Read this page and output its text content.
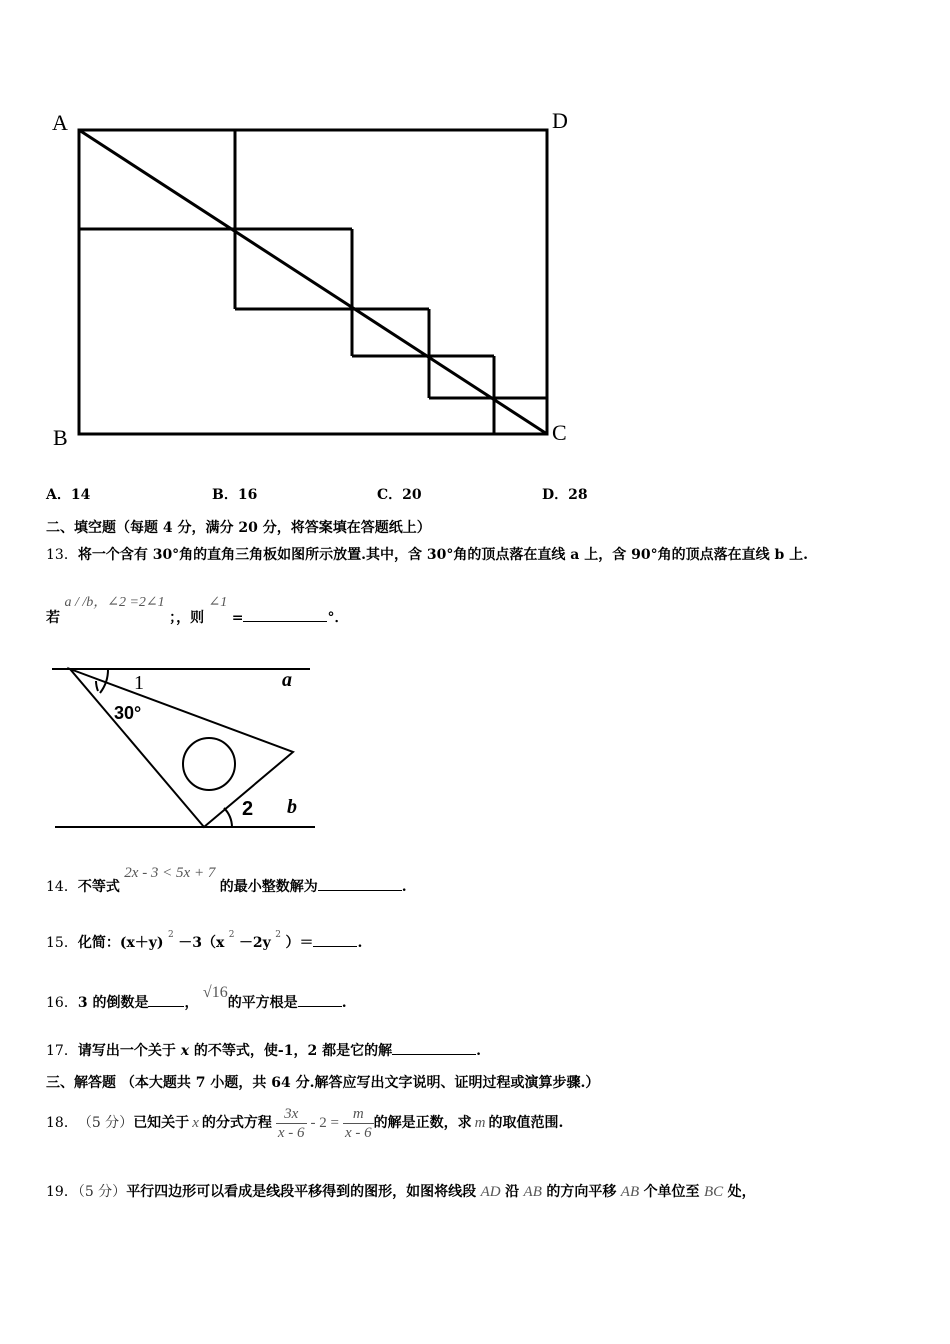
A	D
B	C
A．14	B．16	C．20	D．28
二、填空题（每题 4 分，满分 20 分，将答案填在答题纸上）
13．将一个含有 30°角的直角三角板如图所示放置.其中，含 30°角的顶点落在直线 a 上，含 90°角的顶点落在直线 b 上.
若 a / /b，∠2 =2∠1 ；，则 ∠1 =	°．
1	a
30°
2 b
14．不等式 2x - 3 < 5x + 7 的最小整数解为	.
15．化简：(x＋y) 2 －3（x 2 －2y 2 ）＝	.
16．3 的倒数是	， √16的平方根是	.
17．请写出一个关于 x 的不等式，使-1，2 都是它的解	.
三、解答题 （本大题共 7 小题，共 64 分.解答应写出文字说明、证明过程或演算步骤.）
18． （5 分） 已知关于 x 的分式方程 $\frac{3x}{x - 6} - 2 = \frac{m}{x - 6}$ 的解是正数，求 m 的取值范围.
19．（5 分）平行四边形可以看成是线段平移得到的图形，如图将线段 AD 沿 AB 的方向平移 AB 个单位至 BC 处，
